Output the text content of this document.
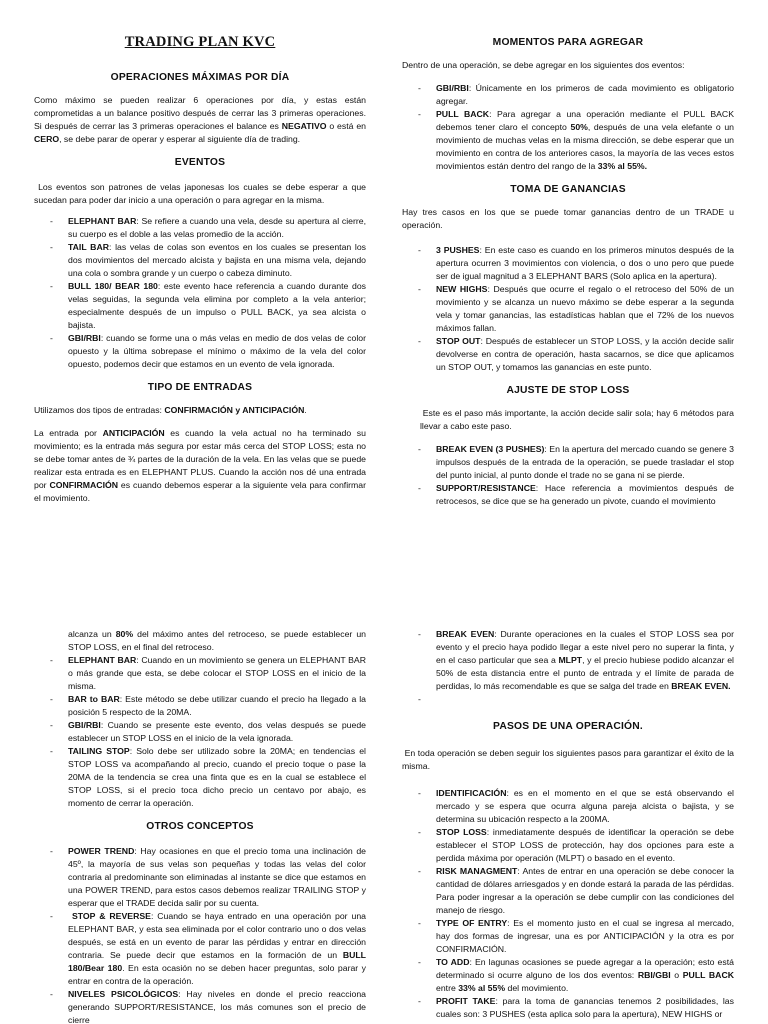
TRADING PLAN KVC
OPERACIONES MÁXIMAS POR DÍA

Como máximo se pueden realizar 6 operaciones por día, y estas están comprometidas a un balance positivo después de cerrar las 3 primeras operaciones. Si después de cerrar las 3 primeras operaciones el balance es NEGATIVO o está en CERO, se debe parar de operar y esperar al siguiente día de trading.

EVENTOS

Los eventos son patrones de velas japonesas los cuales se debe esperar a que sucedan para poder dar inicio a una operación o para agregar en la misma.

- ELEPHANT BAR: Se refiere a cuando una vela, desde su apertura al cierre, su cuerpo es el doble a las velas promedio de la acción.
- TAIL BAR: las velas de colas son eventos en los cuales se presentan los dos movimientos del mercado alcista y bajista en una misma vela, dejando una cola o sombra grande y un cuerpo o cabeza diminuto.
- BULL 180/ BEAR 180: este evento hace referencia a cuando durante dos velas seguidas, la segunda vela elimina por completo a la vela anterior; especialmente después de un impulso o PULL BACK, ya sea alcista o bajista.
- GBI/RBI: cuando se forme una o más velas en medio de dos velas de color opuesto y la última sobrepase el mínimo o máximo de la vela del color opuesto, podemos decir que estamos en un evento de vela ignorada.
TIPO DE ENTRADAS

Utilizamos dos tipos de entradas: CONFIRMACIÓN y ANTICIPACIÓN.

La entrada por ANTICIPACIÓN es cuando la vela actual no ha terminado su movimiento; es la entrada más segura por estar más cerca del STOP LOSS; esta no se debe tomar antes de ¾ partes de la duración de la vela. En las velas que se puede realizar esta entrada es en ELEPHANT PLUS. Cuando la acción nos dé una entrada por CONFIRMACIÓN es cuando debemos esperar a la siguiente vela para confirmar el movimiento.

MOMENTOS PARA AGREGAR

Dentro de una operación, se debe agregar en los siguientes dos eventos:

- GBI/RBI: Únicamente en los primeros de cada movimiento es obligatorio agregar.
- PULL BACK: Para agregar a una operación mediante el PULL BACK debemos tener claro el concepto 50%, después de una vela elefante o un movimiento de muchas velas en la misma dirección, se debe esperar que un movimiento en contra de los anteriores casos, la mayoría de las veces estos movimientos están dentro del rango de la 33% al 55%.
TOMA DE GANANCIAS

Hay tres casos en los que se puede tomar ganancias dentro de un TRADE u operación.

- 3 PUSHES: En este caso es cuando en los primeros minutos después de la apertura ocurren 3 movimientos con violencia, o dos o uno pero que puede ser de igual magnitud a 3 ELEPHANT BARS (Solo aplica en la apertura).
- NEW HIGHS: Después que ocurre el regalo o el retroceso del 50% de un movimiento y se alcanza un nuevo máximo se debe esperar a la segunda vela y tomar ganancias, las estadísticas hablan que el 72% de los nuevos máximos fallan.
- STOP OUT: Después de establecer un STOP LOSS, y la acción decide salir devolverse en contra de operación, hasta sacarnos, se dice que aplicamos un STOP OUT, y tomamos las ganancias en este punto.
AJUSTE DE STOP LOSS

Este es el paso más importante, la acción decide salir sola; hay 6 métodos para llevar a cabo este paso.

- BREAK EVEN (3 PUSHES): En la apertura del mercado cuando se genere 3 impulsos después de la entrada de la operación, se puede trasladar el stop del punto inicial, al punto donde el trade no se gana ni se pierde.
- SUPPORT/RESISTANCE: Hace referencia a movimientos después de retrocesos, se dice que se ha generado un pivote, cuando el movimiento
alcanza un 80% del máximo antes del retroceso, se puede establecer un STOP LOSS, en el final del retroceso.
- ELEPHANT BAR: Cuando en un movimiento se genera un ELEPHANT BAR o más grande que esta, se debe colocar el STOP LOSS en el inicio de la misma.
- BAR to BAR: Este método se debe utilizar cuando el precio ha llegado a la posición 5 respecto de la 20MA.
- GBI/RBI: Cuando se presente este evento, dos velas después se puede establecer un STOP LOSS en el inicio de la vela ignorada.
- TAILING STOP: Solo debe ser utilizado sobre la 20MA; en tendencias el STOP LOSS va acompañando al precio, cuando el precio toque o pase la 20MA de la tendencia se crea una finta que es en la cual se establece el STOP LOSS, si el precio toca dicho precio un centavo por abajo, es momento de cerrar la operación.
OTROS CONCEPTOS
- POWER TREND: Hay ocasiones en que el precio toma una inclinación de 45º, la mayoría de sus velas son pequeñas y todas las velas del color contraria al predominante son eliminadas al instante se dice que estamos en una POWER TREND, para estos casos debemos realizar TRAILING STOP y esperar que el TRADE decida salir por su cuenta.
- STOP & REVERSE: Cuando se haya entrado en una operación por una ELEPHANT BAR, y esta sea eliminada por el color contrario uno o dos velas después, se está en un evento de parar las pérdidas y entrar en dirección contraria. Se puede decir que estamos en la formación de un BULL 180/Bear 180. En esta ocasión no se deben hacer preguntas, solo parar y entrar en contra de la operación.
- NIVELES PSICOLÓGICOS: Hay niveles en donde el precio reacciona generando SUPPORT/RESISTANCE, los más comunes son el precio de cierre
- BREAK EVEN: Durante operaciones en la cuales el STOP LOSS sea por evento y el precio haya podido llegar a este nivel pero no superar la finta, y en el caso particular que sea a MLPT, y el precio hubiese podido alcanzar el 50% de esta distancia entre el punto de entrada y el límite de parada de perdidas, lo más recomendable es que se salga del trade en BREAK EVEN.
-
PASOS DE UNA OPERACIÓN.

En toda operación se deben seguir los siguientes pasos para garantizar el éxito de la misma.

- IDENTIFICACIÓN: es en el momento en el que se está observando el mercado y se espera que ocurra alguna pareja alcista o bajista, y se determina su ubicación respecto a la 200MA.
- STOP LOSS: inmediatamente después de identificar la operación se debe establecer el STOP LOSS de protección, hay dos opciones para este a perdida máxima por operación (MLPT) o basado en el evento.
- RISK MANAGMENT: Antes de entrar en una operación se debe conocer la cantidad de dólares arriesgados y en donde estará la parada de las pérdidas. Para poder ingresar a la operación se debe cumplir con las condiciones del manejo de riesgo.
- TYPE OF ENTRY: Es el momento justo en el cual se ingresa al mercado, hay dos formas de ingresar, una es por ANTICIPACIÓN y la otra es por CONFIRMACIÓN.
- TO ADD: En lagunas ocasiones se puede agregar a la operación; esto está determinado si ocurre alguno de los dos eventos: RBI/GBI o PULL BACK entre 33% al 55% del movimiento.
- PROFIT TAKE: para la toma de ganancias tenemos 2 posibilidades, las cuales son: 3 PUSHES (esta aplica solo para la apertura), NEW HIGHS or
